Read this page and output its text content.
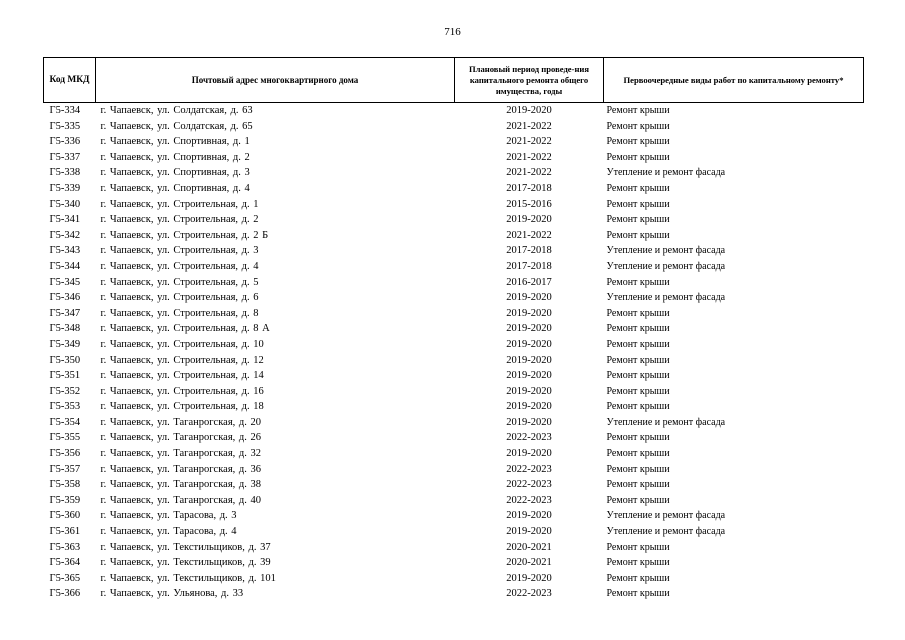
716
Код МКД	Почтовый адрес многоквартирного дома	Плановый период проведе-ния капитального ремонта общего имущества, годы	Первоочередные виды работ по капитальному ремонту*
Г5-334	г. Чапаевск, ул. Солдатская, д. 63	2019-2020	Ремонт крыши
Г5-335	г. Чапаевск, ул. Солдатская, д. 65	2021-2022	Ремонт крыши
Г5-336	г. Чапаевск, ул. Спортивная, д. 1	2021-2022	Ремонт крыши
Г5-337	г. Чапаевск, ул. Спортивная, д. 2	2021-2022	Ремонт крыши
Г5-338	г. Чапаевск, ул. Спортивная, д. 3	2021-2022	Утепление и ремонт фасада
Г5-339	г. Чапаевск, ул. Спортивная, д. 4	2017-2018	Ремонт крыши
Г5-340	г. Чапаевск, ул. Строительная, д. 1	2015-2016	Ремонт крыши
Г5-341	г. Чапаевск, ул. Строительная, д. 2	2019-2020	Ремонт крыши
Г5-342	г. Чапаевск, ул. Строительная, д. 2 Б	2021-2022	Ремонт крыши
Г5-343	г. Чапаевск, ул. Строительная, д. 3	2017-2018	Утепление и ремонт фасада
Г5-344	г. Чапаевск, ул. Строительная, д. 4	2017-2018	Утепление и ремонт фасада
Г5-345	г. Чапаевск, ул. Строительная, д. 5	2016-2017	Ремонт крыши
Г5-346	г. Чапаевск, ул. Строительная, д. 6	2019-2020	Утепление и ремонт фасада
Г5-347	г. Чапаевск, ул. Строительная, д. 8	2019-2020	Ремонт крыши
Г5-348	г. Чапаевск, ул. Строительная, д. 8 А	2019-2020	Ремонт крыши
Г5-349	г. Чапаевск, ул. Строительная, д. 10	2019-2020	Ремонт крыши
Г5-350	г. Чапаевск, ул. Строительная, д. 12	2019-2020	Ремонт крыши
Г5-351	г. Чапаевск, ул. Строительная, д. 14	2019-2020	Ремонт крыши
Г5-352	г. Чапаевск, ул. Строительная, д. 16	2019-2020	Ремонт крыши
Г5-353	г. Чапаевск, ул. Строительная, д. 18	2019-2020	Ремонт крыши
Г5-354	г. Чапаевск, ул. Таганрогская, д. 20	2019-2020	Утепление и ремонт фасада
Г5-355	г. Чапаевск, ул. Таганрогская, д. 26	2022-2023	Ремонт крыши
Г5-356	г. Чапаевск, ул. Таганрогская, д. 32	2019-2020	Ремонт крыши
Г5-357	г. Чапаевск, ул. Таганрогская, д. 36	2022-2023	Ремонт крыши
Г5-358	г. Чапаевск, ул. Таганрогская, д. 38	2022-2023	Ремонт крыши
Г5-359	г. Чапаевск, ул. Таганрогская, д. 40	2022-2023	Ремонт крыши
Г5-360	г. Чапаевск, ул. Тарасова, д. 3	2019-2020	Утепление и ремонт фасада
Г5-361	г. Чапаевск, ул. Тарасова, д. 4	2019-2020	Утепление и ремонт фасада
Г5-363	г. Чапаевск, ул. Текстильщиков, д. 37	2020-2021	Ремонт крыши
Г5-364	г. Чапаевск, ул. Текстильщиков, д. 39	2020-2021	Ремонт крыши
Г5-365	г. Чапаевск, ул. Текстильщиков, д. 101	2019-2020	Ремонт крыши
Г5-366	г. Чапаевск, ул. Ульянова, д. 33	2022-2023	Ремонт крыши
